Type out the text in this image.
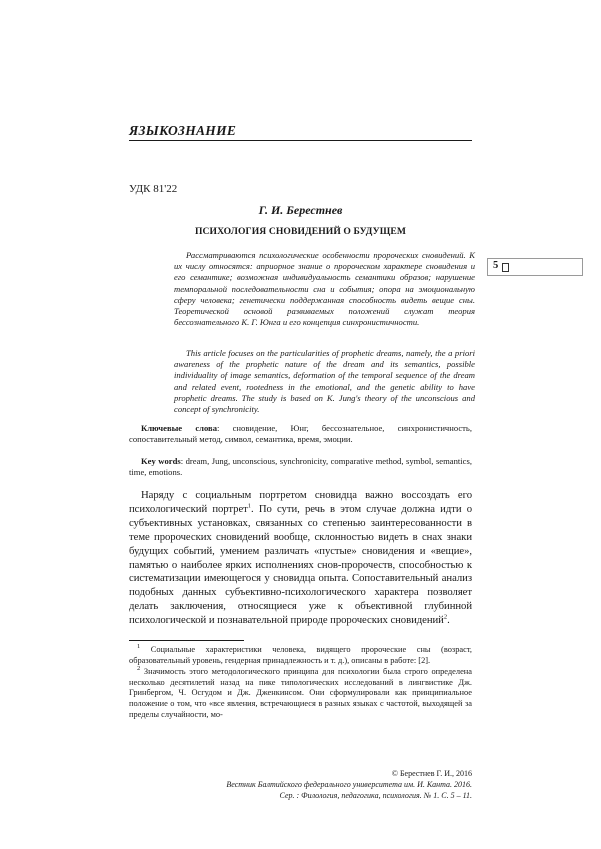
ЯЗЫКОЗНАНИЕ
5
УДК 81'22
Г. И. Берестнев
ПСИХОЛОГИЯ СНОВИДЕНИЙ О БУДУЩЕМ
Рассматриваются психологические особенности пророческих сновидений. К их числу относятся: априорное знание о пророческом характере сновидения и его семантике; возможная индивидуальность семантики образов; нарушение темпоральной последовательности сна и события; опора на эмоциональную сферу человека; генетически поддержанная способность видеть вещие сны. Теоретической основой развиваемых положений служат теория бессознательного К. Г. Юнга и его концепция синхронистичности.
This article focuses on the particularities of prophetic dreams, namely, the a priori awareness of the prophetic nature of the dream and its semantics, possible individuality of image semantics, deformation of the temporal sequence of the dream and related event, rootedness in the emotional, and the genetic ability to have prophetic dreams. The study is based on K. Jung's theory of the unconscious and concept of synchronicity.
Ключевые слова: сновидение, Юнг, бессознательное, синхронистичность, сопоставительный метод, символ, семантика, время, эмоции.
Key words: dream, Jung, unconscious, synchronicity, comparative method, symbol, semantics, time, emotions.
Наряду с социальным портретом сновидца важно воссоздать его психологический портрет$^1$. По сути, речь в этом случае должна идти о субъективных установках, связанных со степенью заинтересованности в теме пророческих сновидений вообще, склонностью видеть в снах знаки будущих событий, умением различать «пустые» сновидения и «вещие», памятью о наиболее ярких исполнениях снов-пророчеств, способностью к систематизации имеющегося у сновидца опыта. Сопоставительный анализ подобных данных субъективно-психологического характера позволяет делать заключения, относящиеся уже к объективной глубинной психологической и познавательной природе пророческих сновидений$^2$.
$^1$ Социальные характеристики человека, видящего пророческие сны (возраст, образовательный уровень, гендерная принадлежность и т. д.), описаны в работе: [2].
$^2$ Значимость этого методологического принципа для психологии была строго определена несколько десятилетий назад на пике типологических исследований в лингвистике Дж. Гринбергом, Ч. Осгудом и Дж. Дженкинсом. Они сформулировали как принципиальное положение о том, что «все явления, встречающиеся в разных языках с частотой, выходящей за пределы случайности, мо-
© Берестнев Г. И., 2016
Вестник Балтийского федерального университета им. И. Канта. 2016.
Сер. : Филология, педагогика, психология. № 1. С. 5 – 11.
